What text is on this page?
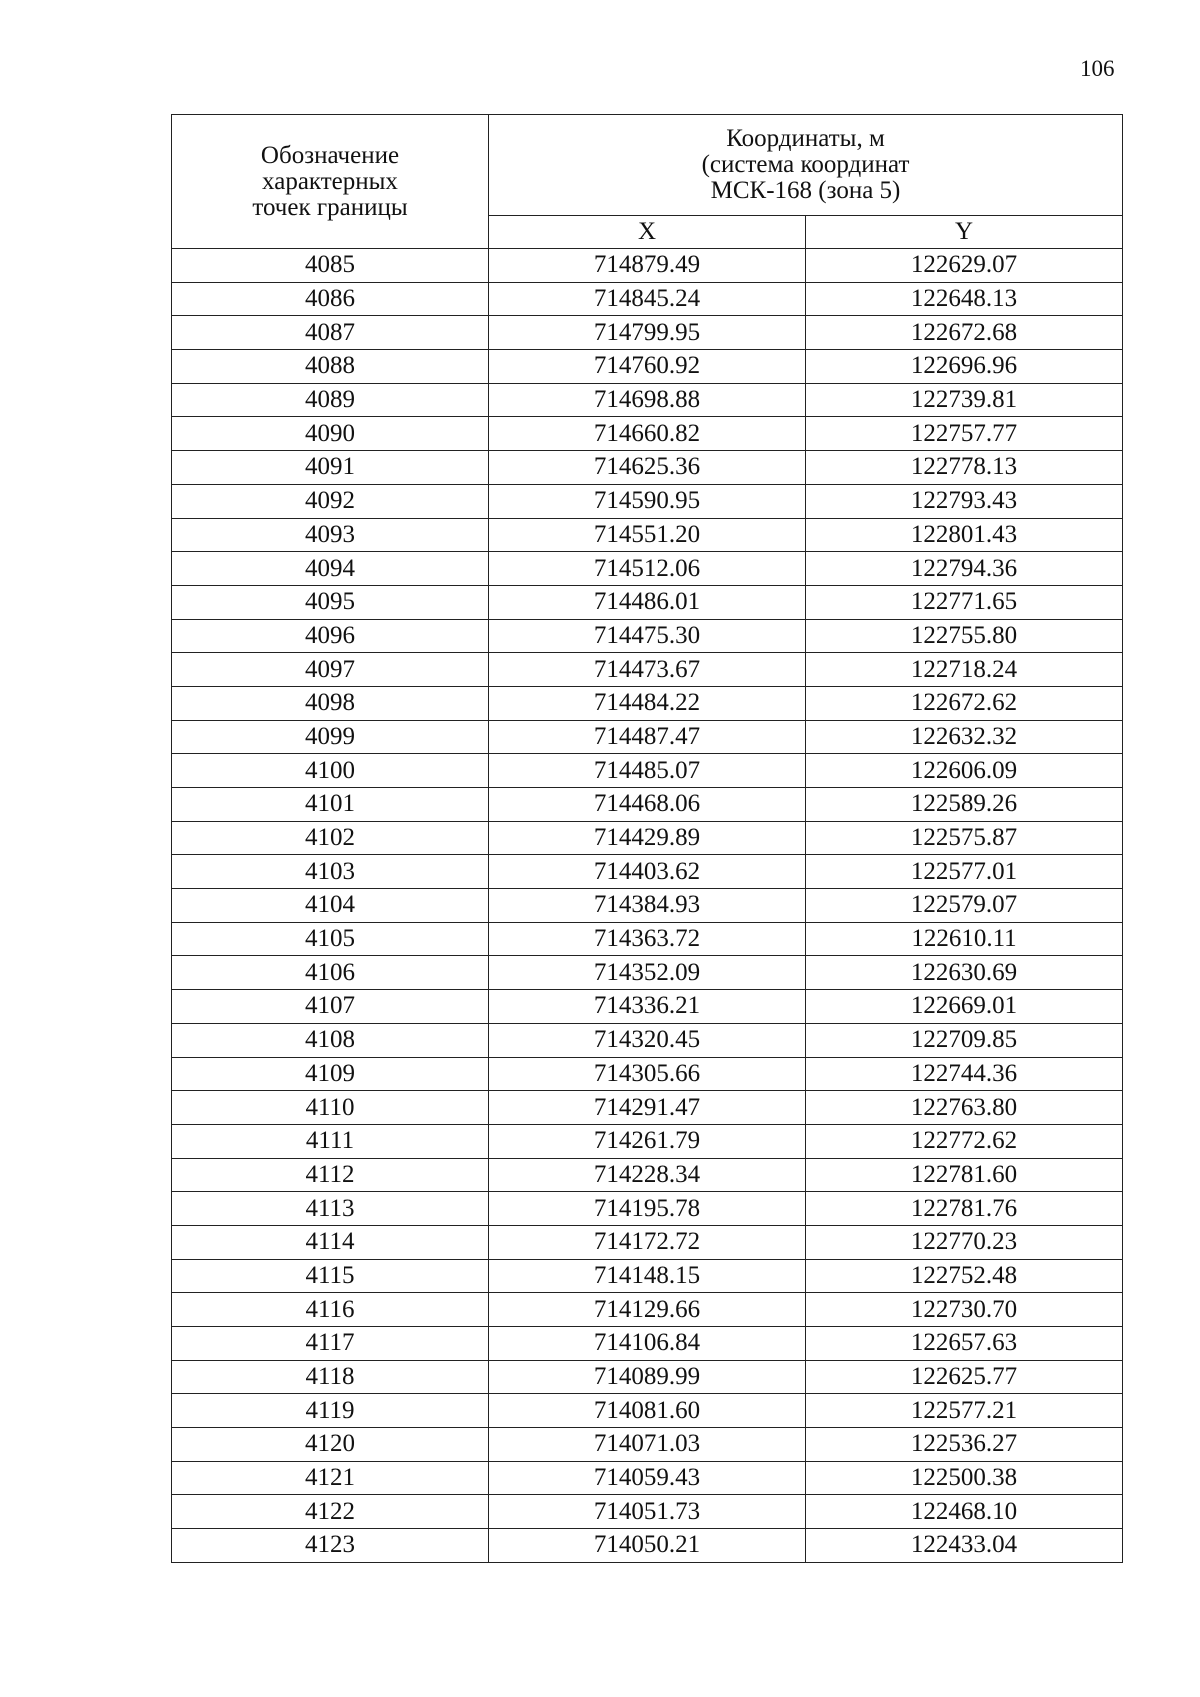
106
Обозначение
характерных
точек границы	Координаты, м
(система координат
МСК-168 (зона 5)	

	X	Y
4085	714879.49	122629.07
4086	714845.24	122648.13
4087	714799.95	122672.68
4088	714760.92	122696.96
4089	714698.88	122739.81
4090	714660.82	122757.77
4091	714625.36	122778.13
4092	714590.95	122793.43
4093	714551.20	122801.43
4094	714512.06	122794.36
4095	714486.01	122771.65
4096	714475.30	122755.80
4097	714473.67	122718.24
4098	714484.22	122672.62
4099	714487.47	122632.32
4100	714485.07	122606.09
4101	714468.06	122589.26
4102	714429.89	122575.87
4103	714403.62	122577.01
4104	714384.93	122579.07
4105	714363.72	122610.11
4106	714352.09	122630.69
4107	714336.21	122669.01
4108	714320.45	122709.85
4109	714305.66	122744.36
4110	714291.47	122763.80
4111	714261.79	122772.62
4112	714228.34	122781.60
4113	714195.78	122781.76
4114	714172.72	122770.23
4115	714148.15	122752.48
4116	714129.66	122730.70
4117	714106.84	122657.63
4118	714089.99	122625.77
4119	714081.60	122577.21
4120	714071.03	122536.27
4121	714059.43	122500.38
4122	714051.73	122468.10
4123	714050.21	122433.04
